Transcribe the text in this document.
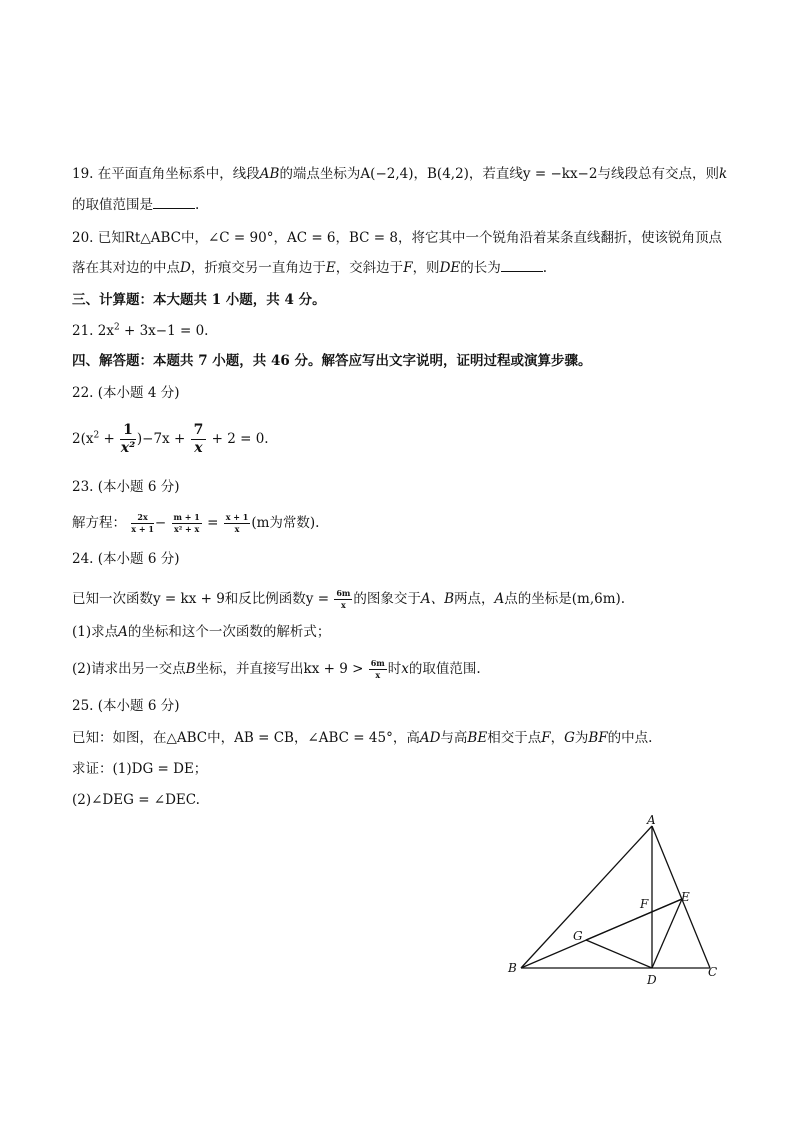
19. 在平面直角坐标系中，线段AB的端点坐标为A(−2,4)，B(4,2)，若直线y = −kx−2与线段总有交点，则k
的取值范围是	.
20. 已知Rt△ABC中，∠C = 90°，AC = 6，BC = 8，将它其中一个锐角沿着某条直线翻折，使该锐角顶点
落在其对边的中点D，折痕交另一直角边于E，交斜边于F，则DE的长为	.
三、计算题：本大题共 1 小题，共 4 分。
21. $2x^2 + 3x-1 = 0$.
四、解答题：本题共 7 小题，共 46 分。解答应写出文字说明，证明过程或演算步骤。
22. (本小题 4 分)
$2(x^2 + \frac{1}{\text{x²}} )-7x + \frac{7}{x} + 2 = 0$.
23. (本小题 6 分)
解方程： $\frac{2x}{x + 1} - \frac{m + 1}{\text{x² + x}} = \frac{x + 1}{x} (m$为常数).
24. (本小题 6 分)
已知一次函数y = kx + 9和反比例函数$y = \frac{6m}{x}$ 的图象交于A、B两点，A点的坐标是(m,6m).
(1)求点A的坐标和这个一次函数的解析式；
(2)请求出另一交点B坐标，并直接写出kx + $9 > \frac{6m}{x}$ 时x的取值范围.
25. (本小题 6 分)
已知：如图，在△ABC中，AB = CB，∠ABC = 45°，高AD与高BE相交于点F，G为BF的中点.
求证：(1)DG = DE；
(2)∠DEG = ∠DEC.
A
B	C
D
E
F
G
